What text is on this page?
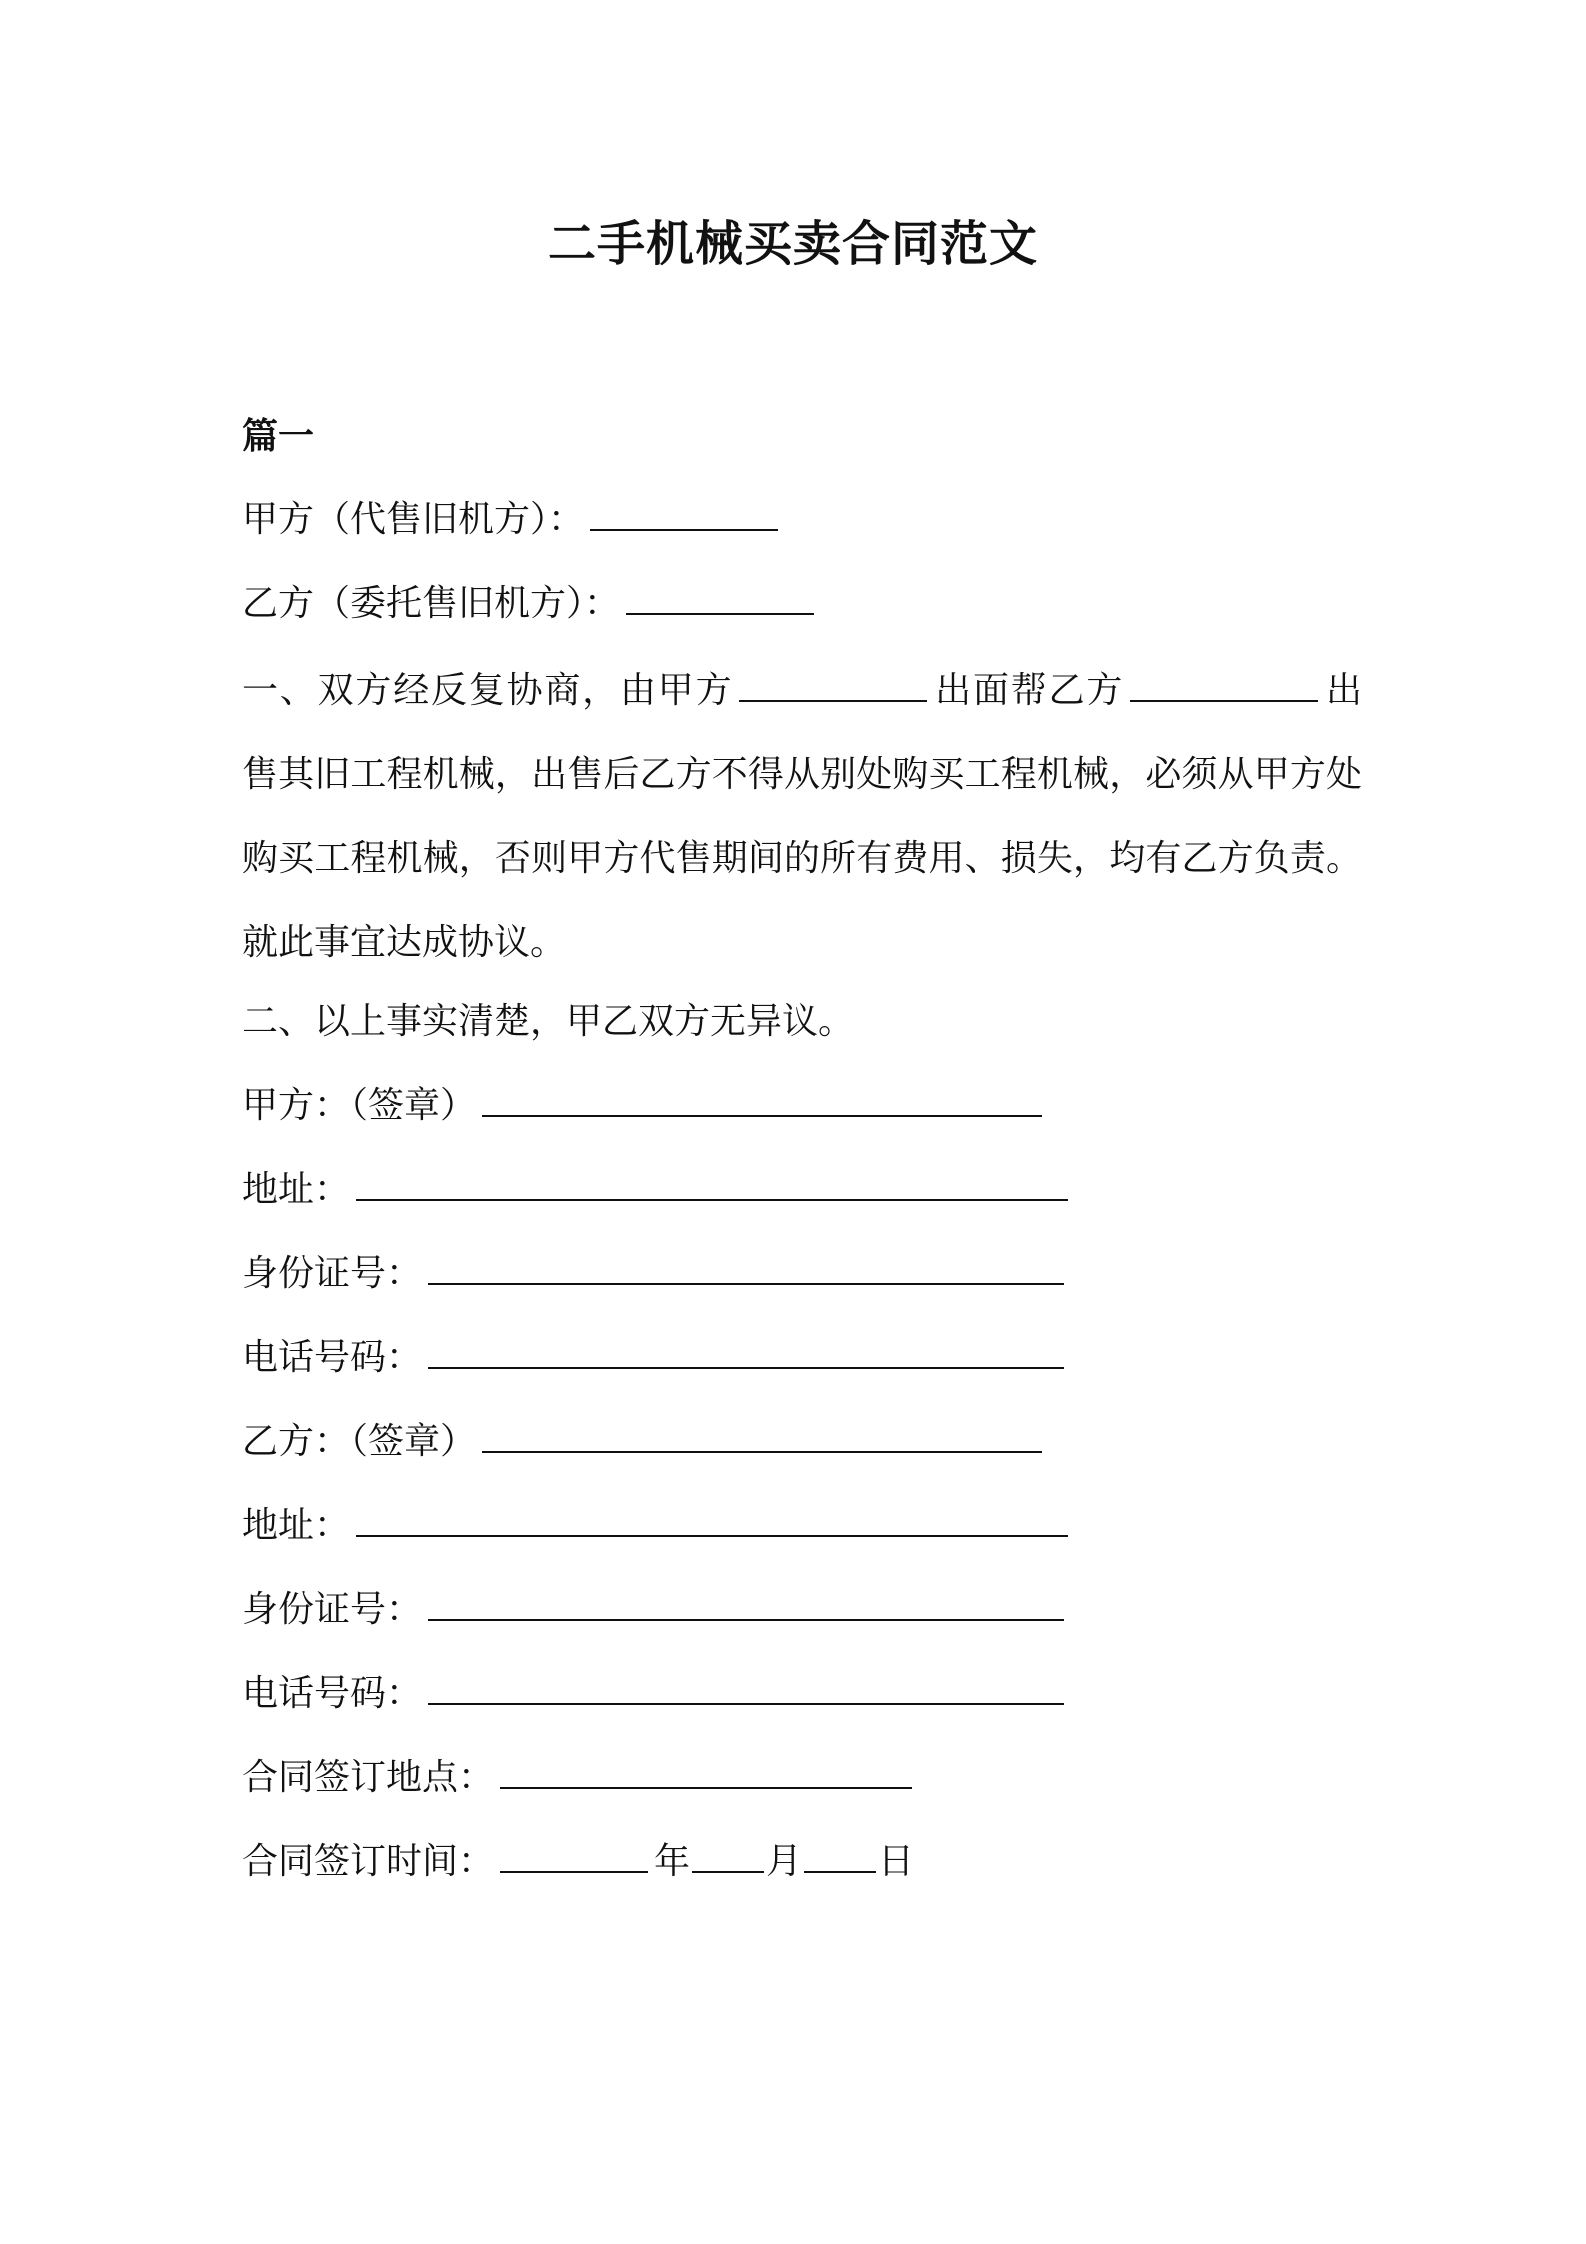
二手机械买卖合同范文
篇一
甲方（代售旧机方）：
乙方（委托售旧机方）：
一、双方经反复协商，由甲方	出面帮乙方	出售其旧工程机械，出售后乙方不得从别处购买工程机械，必须从甲方处购买工程机械，否则甲方代售期间的所有费用、损失，均有乙方负责。就此事宜达成协议。
二、以上事实清楚，甲乙双方无异议。
甲方：（签章）
地址：
身份证号：
电话号码：
乙方：（签章）
地址：
身份证号：
电话号码：
合同签订地点：
合同签订时间：	年 月 日
